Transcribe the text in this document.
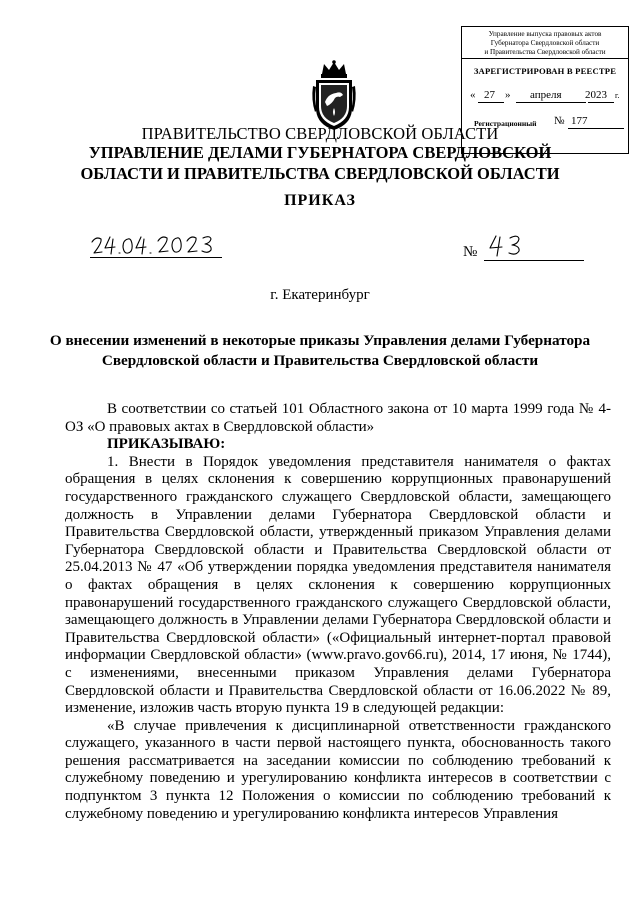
Управление выпуска правовых актов
Губернатора Свердловской области
и Правительства Свердловской области
ЗАРЕГИСТРИРОВАН В РЕЕСТРЕ
« 27 » апреля 2023 г.
Регистрационный № 177
ПРАВИТЕЛЬСТВО СВЕРДЛОВСКОЙ ОБЛАСТИ
УПРАВЛЕНИЕ ДЕЛАМИ ГУБЕРНАТОРА СВЕРДЛОВСКОЙ
ОБЛАСТИ И ПРАВИТЕЛЬСТВА СВЕРДЛОВСКОЙ ОБЛАСТИ
ПРИКАЗ
№
г. Екатеринбург
О внесении изменений в некоторые приказы Управления делами Губернатора
Свердловской области и Правительства Свердловской области

В соответствии со статьей 101 Областного закона от 10 марта 1999 года № 4-ОЗ «О правовых актах в Свердловской области»

ПРИКАЗЫВАЮ:

1. Внести в Порядок уведомления представителя нанимателя о фактах обращения в целях склонения к совершению коррупционных правонарушений государственного гражданского служащего Свердловской области, замещающего должность в Управлении делами Губернатора Свердловской области и Правительства Свердловской области, утвержденный приказом Управления делами Губернатора Свердловской области и Правительства Свердловской области от 25.04.2013 № 47 «Об утверждении порядка уведомления представителя нанимателя о фактах обращения в целях склонения к совершению коррупционных правонарушений государственного гражданского служащего Свердловской области, замещающего должность в Управлении делами Губернатора Свердловской области и Правительства Свердловской области» («Официальный интернет-портал правовой информации Свердловской области» (www.pravo.gov66.ru), 2014, 17 июня, № 1744), с изменениями, внесенными приказом Управления делами Губернатора Свердловской области и Правительства Свердловской области от 16.06.2022 № 89, изменение, изложив часть вторую пункта 19 в следующей редакции:

«В случае привлечения к дисциплинарной ответственности гражданского служащего, указанного в части первой настоящего пункта, обоснованность такого решения рассматривается на заседании комиссии по соблюдению требований к служебному поведению и урегулированию конфликта интересов в соответствии с подпунктом 3 пункта 12 Положения о комиссии по соблюдению требований к служебному поведению и урегулированию конфликта интересов Управления
